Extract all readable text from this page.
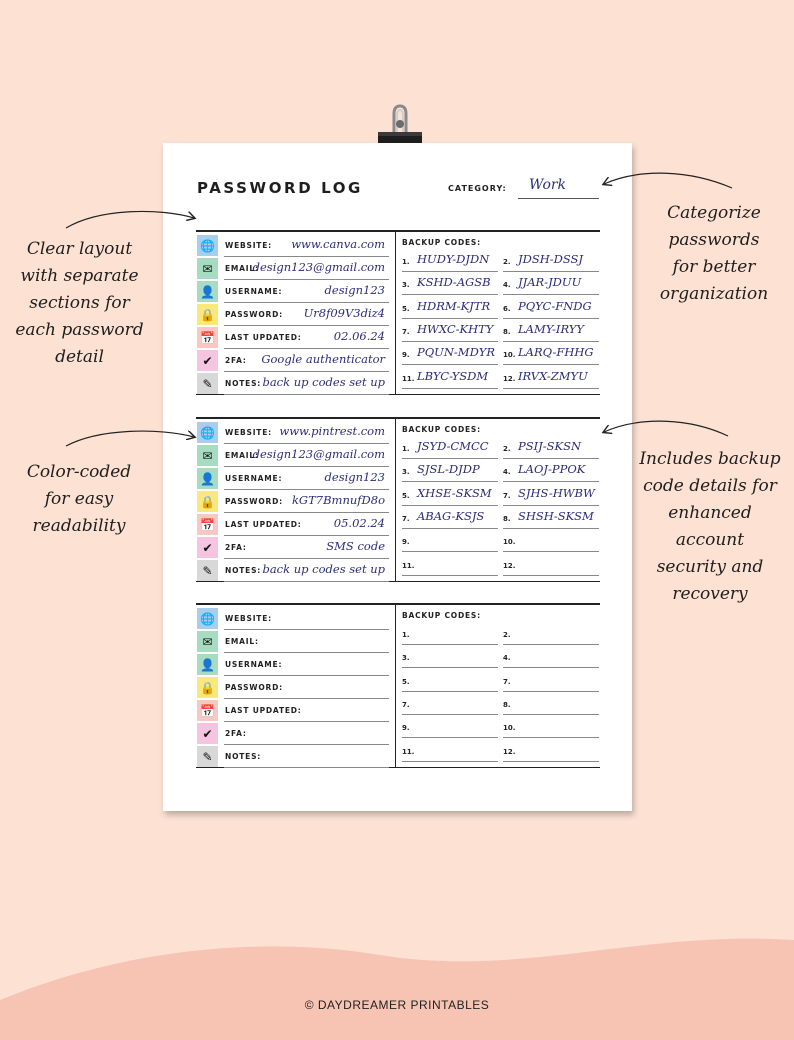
PASSWORD LOG	CATEGORY: Work
🌐	WEBSITE: www.canva.com
✉	EMAIL:
design123@gmail.com
👤	USERNAME:	design123
🔒	PASSWORD: Ur8f09V3diz4
📅	LAST UPDATED:	02.06.24
✔	2FA: Google authenticator
✎	NOTES: back up codes set up
BACKUP CODES:
1. HUDY-DJDN 2. JDSH-DSSJ
3. KSHD-AGSB 4. JJAR-JDUU
5. HDRM-KJTR 6. PQYC-FNDG
7. HWXC-KHTY 8. LAMY-IRYY
9. PQUN-MDYR 10. LARQ-FHHG
11. LBYC-YSDM 12. IRVX-ZMYU
🌐	WEBSITE: www.pintrest.com
✉	EMAIL:
design123@gmail.com
👤	USERNAME:	design123
🔒	PASSWORD: kGT7BmnufD8o
📅	LAST UPDATED:	05.02.24
✔	2FA:	SMS code
✎	NOTES: back up codes set up
BACKUP CODES:
1. JSYD-CMCC 2. PSIJ-SKSN
3. SJSL-DJDP	4. LAOJ-PPOK
5. XHSE-SKSM 7. SJHS-HWBW
7. ABAG-KSJS	8. SHSH-SKSM
9.	10.
11.	12.
🌐	WEBSITE:
✉	EMAIL:
👤	USERNAME:
🔒	PASSWORD:
📅	LAST UPDATED:
✔	2FA:
✎	NOTES:
BACKUP CODES:
1.	2.
3.	4.
5.	7.
7.	8.
9.	10.
11.	12.
Clear layout
with separate
sections for
each password
detail
Categorize
passwords
for better
organization
Color-coded
for easy
readability
Includes backup
code details for
enhanced account
security and
recovery
© DAYDREAMER PRINTABLES
